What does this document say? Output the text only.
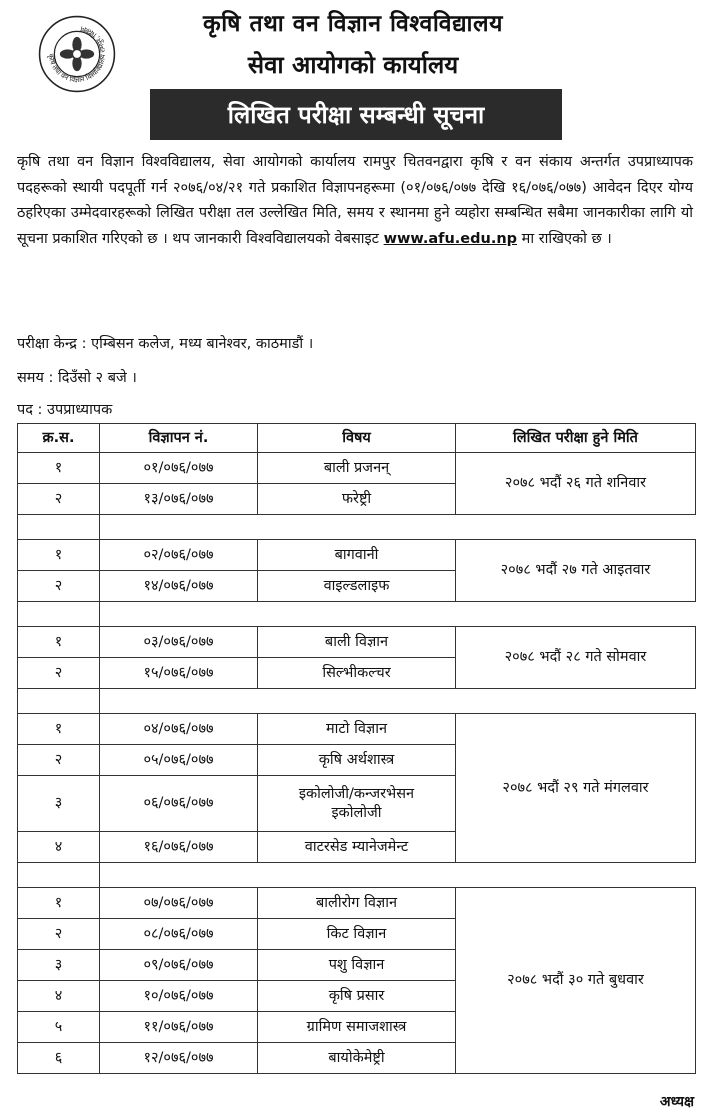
कृषि तथा वन विज्ञान विश्वविद्यालय रामपुर, चितवन	कृषि तथा वन विज्ञान विश्वविद्यालय
सेवा आयोगको कार्यालय
लिखित परीक्षा सम्बन्धी सूचना
कृषि तथा वन विज्ञान विश्वविद्यालय, सेवा आयोगको कार्यालय रामपुर चितवनद्वारा कृषि र वन संकाय अन्तर्गत उपप्राध्यापक पदहरूको स्थायी पदपूर्ती गर्न २०७६/०४/२१ गते प्रकाशित विज्ञापनहरूमा (०१/०७६/०७७ देखि १६/०७६/०७७) आवेदन दिएर योग्य ठहरिएका उम्मेदवारहरूको लिखित परीक्षा तल उल्लेखित मिति, समय र स्थानमा हुने व्यहोरा सम्बन्धित सबैमा जानकारीका लागि यो सूचना प्रकाशित गरिएको छ । थप जानकारी विश्वविद्यालयको वेबसाइट www.afu.edu.np मा राखिएको छ ।
परीक्षा केन्द्र : एम्बिसन कलेज, मध्य बानेश्वर, काठमाडौं ।
समय : दिउँसो २ बजे ।
पद : उपप्राध्यापक
क्र.स.	विज्ञापन नं.	विषय	लिखित परीक्षा हुने मिति
१	०१/०७६/०७७	बाली प्रजनन्	२०७८ भदौं २६ गते शनिवार
२	१३/०७६/०७७	फरेष्ट्री	

१	०२/०७६/०७७	बागवानी	२०७८ भदौं २७ गते आइतवार
२	१४/०७६/०७७	वाइल्डलाइफ	

१	०३/०७६/०७७	बाली विज्ञान	२०७८ भदौं २८ गते सोमवार
२	१५/०७६/०७७	सिल्भीकल्चर	

१	०४/०७६/०७७	माटो विज्ञान	२०७८ भदौं २९ गते मंगलवार
२	०५/०७६/०७७	कृषि अर्थशास्त्र	
३	०६/०७६/०७७	इकोलोजी/कन्जरभेसन इकोलोजी	
४	१६/०७६/०७७	वाटरसेड म्यानेजमेन्ट	

१	०७/०७६/०७७	बालीरोग विज्ञान	२०७८ भदौं ३० गते बुधवार
२	०८/०७६/०७७	किट विज्ञान	
३	०९/०७६/०७७	पशु विज्ञान	
४	१०/०७६/०७७	कृषि प्रसार	
५	११/०७६/०७७	ग्रामिण समाजशास्त्र	
६	१२/०७६/०७७	बायोकेमेष्ट्री	
अध्यक्ष
